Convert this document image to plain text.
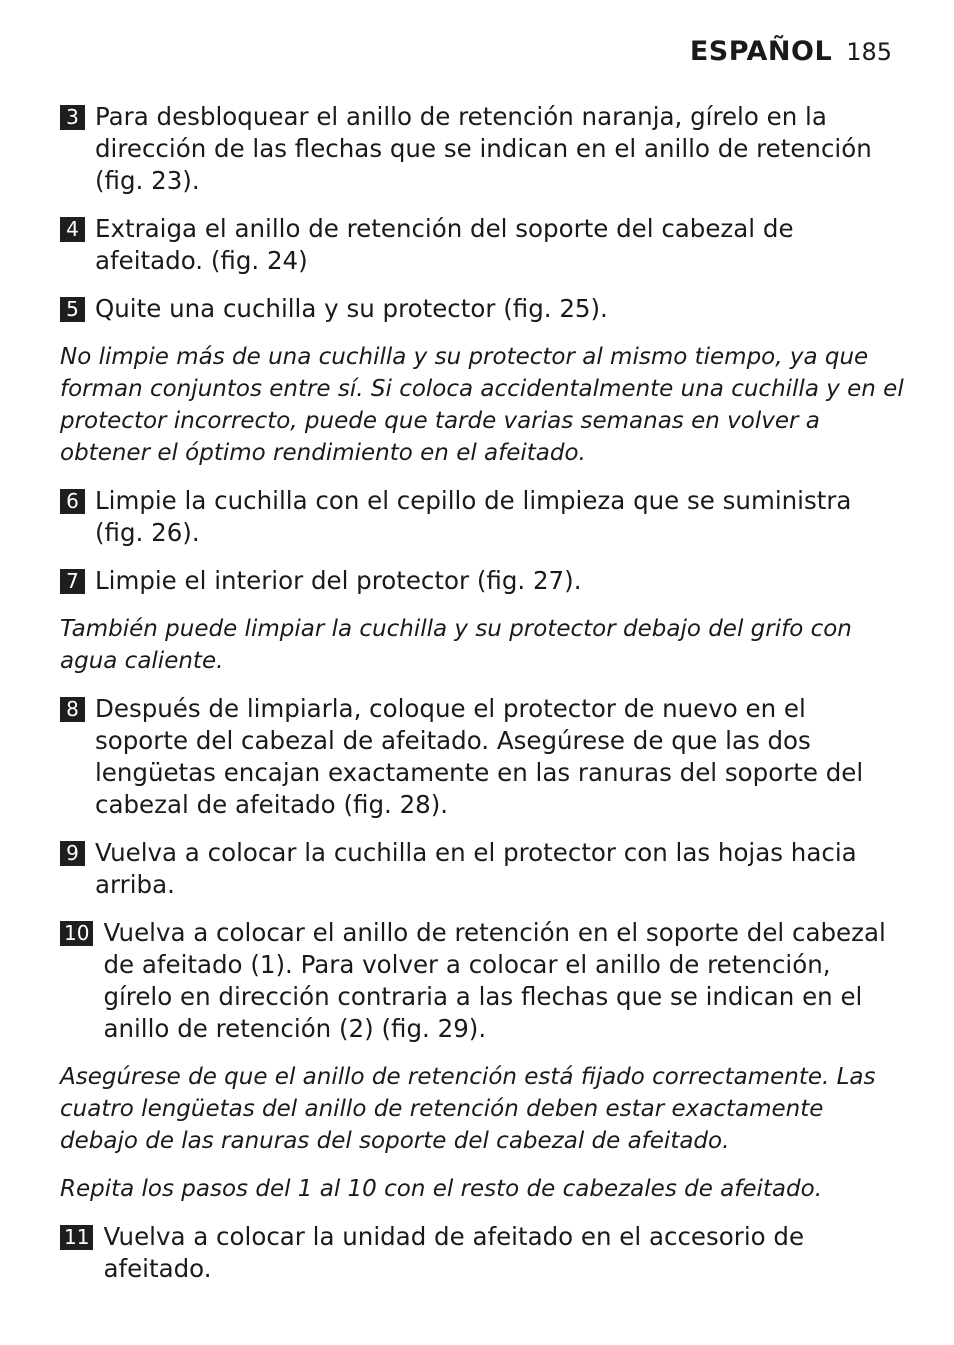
ESPAÑOL 185
3 Para desbloquear el anillo de retención naranja, gírelo en la dirección de las flechas que se indican en el anillo de retención (fig. 23).
4 Extraiga el anillo de retención del soporte del cabezal de afeitado. (fig. 24)
5 Quite una cuchilla y su protector (fig. 25).
No limpie más de una cuchilla y su protector al mismo tiempo, ya que forman conjuntos entre sí. Si coloca accidentalmente una cuchilla y en el protector incorrecto, puede que tarde varias semanas en volver a obtener el óptimo rendimiento en el afeitado.
6 Limpie la cuchilla con el cepillo de limpieza que se suministra (fig. 26).
7 Limpie el interior del protector (fig. 27).
También puede limpiar la cuchilla y su protector debajo del grifo con agua caliente.
8 Después de limpiarla, coloque el protector de nuevo en el soporte del cabezal de afeitado. Asegúrese de que las dos lengüetas encajan exactamente en las ranuras del soporte del cabezal de afeitado (fig. 28).
9 Vuelva a colocar la cuchilla en el protector con las hojas hacia arriba.
10 Vuelva a colocar el anillo de retención en el soporte del cabezal de afeitado (1). Para volver a colocar el anillo de retención, gírelo en dirección contraria a las flechas que se indican en el anillo de retención (2) (fig. 29).
Asegúrese de que el anillo de retención está fijado correctamente. Las cuatro lengüetas del anillo de retención deben estar exactamente debajo de las ranuras del soporte del cabezal de afeitado.
Repita los pasos del 1 al 10 con el resto de cabezales de afeitado.
11 Vuelva a colocar la unidad de afeitado en el accesorio de afeitado.
